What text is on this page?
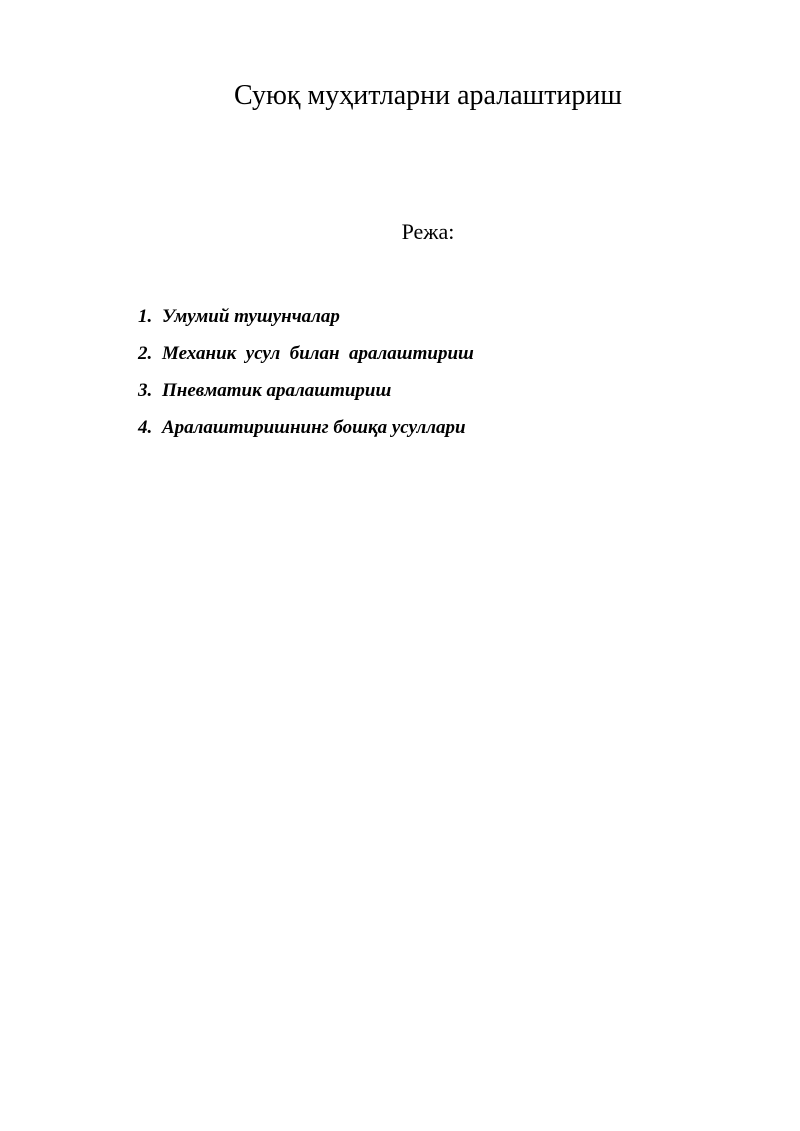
Суюқ муҳитларни аралаштириш
Режа:
1. Умумий тушунчалар
2. Механик  усул  билан  аралаштириш
3. Пневматик аралаштириш
4. Аралаштиришнинг бошқа усуллари
